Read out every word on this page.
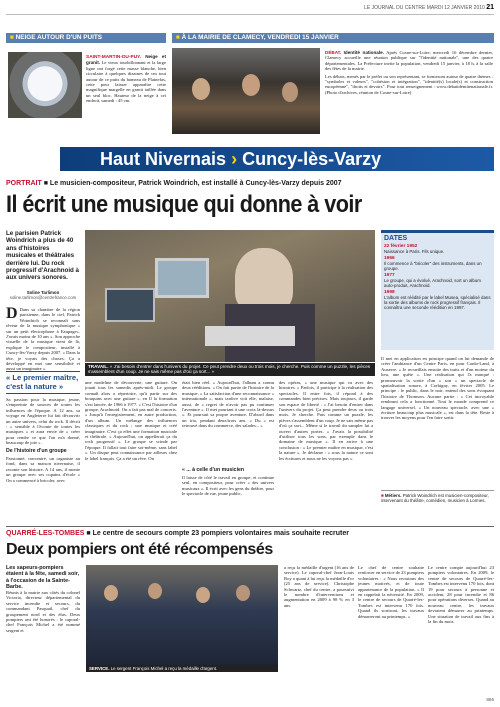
LE JOURNAL DU CENTRE MARDI 12 JANVIER 2010 21
■ NEIGE AUTOUR D'UN PUITS
SAINT-MARTIN-DU-PUY. Neige et granit. Le vieux tourbillonnant et la large ligne ont forgé cette masse blanche, bien circulaire à quelques dizaines de cm tout autour de ce puits du hameau de Plainefas, cette pour laisser apparaître cette magnifique margelle en granit taillée dans un seul bloc. Hauteur de la neige à cet endroit, samedi : 45 cm.
■ À LA MAIRIE DE CLAMECY, VENDREDI 15 JANVIER
DÉBAT. Identité nationale. Après Cosne-sur-Loire, mercredi 16 décembre dernier, Clamecy accueille une réunion publique sur "l'identité nationale", une des quatre départementales. La Préfecture invite la population, vendredi 15 janvier, à 18 h, à la salle des fêtes de la mairie.
Les débats, menés par le préfet ou son représentant, se formeront autour de quatre thèmes : "symboles et valeurs", "cohésion et intégration", "identité(s) locale(s) et construction européenne", "droits et devoirs". Pour tout renseignement : www.debatidentitenationale.fr. (Photo d'archives, réunion de Cosne-sur-Loire)
Haut Nivernais › Cuncy-lès-Varzy
PORTRAIT ■ Le musicien-compositeur, Patrick Woindrich, est installé à Cuncy-lès-Varzy depuis 2007
Il écrit une musique qui donne à voir
Le parisien Patrick Woindrich a plus de 40 ans d'histoires musicales et théâtrales derrière lui. Du rock progressif d'Arachnoid à aux univers sonores.
Soline Tarlimon
soline.tarlimon@centrefrance.com
D Dans sa chambre de la région parisienne, dans le ciel, Patrick Woindrich se reconnaît sans rêveur de la musique symphonique « sur un petit électrophone à Eaupage». J'avais moins de 10 ans ». Son approche visuelle de la musique vient de là, explique le compositeur, installé à Cuncy-lès-Varzy depuis 2007. « Dans la tête, je voyais des choses. Ça a développé en moi une sensibilité et aussi un imaginaire ».
« Le premier maître, c'est la nature »
Sa passion pour la musique, jeune, s'empreinte de sources de toutes les influences de l'époque. A 12 ans, sa voyage en Angleterre lui fait découvrir un autre univers, celui du rock. Il décrit : « sensible à l'écoute de toutes les musiques » et aura envie de « créer pour rendre ce que l'on m'a donné, beaucoup de joie ».
De l'histoire d'un groupe
Passionné, concentré, un organiste au fond, dans sa maison nivernaise, il raconte son histoire. A 14 ans, il monte un groupe avec ses copains d'école « On a commencé à bricoler, avec
TRAVAIL. « J'ai besoin d'entrer dans l'univers du projet. Ce peut prendre deux ou trois mois, je cherche. Puis comme un puzzle, les pièces s'assemblent d'un coup. Je ne sais même pas d'où ça sort... »
une modeline de découverte, une guitare. On jouait tous les samedis après-midi. Le groupe connaît alors a répertoire, qu'à partir sur des bouquins avec une guitare ». en Il la formation s'est lancée, de 1966 à 1977. « C'est l'histoire d'un groupe, Arachnoid. On a fait pas mal de concerts. » Jusqu'à l'enregistrement, en autre production, d'un album. Un mélange des influences classiques et du rock ; une musique et créé imaginaire. C'est ça effet une formation musicale et théâtrale. » Aujourd'hui, on appellerait ça du rock progressif ». Le groupe se scinde par l'époque. Il fallait tout faire soi-même, sans label ». Un disque peut connaissance par ailleurs chez le label français. Ça a été un rêve. On
était bien réel. » Aujourd'hui, l'album a connu deux rééditions. « On fait partie de l'histoire de la musique. » La satisfaction d'une reconnaissance « internationale », mais tardive voit elle, malaise, aussi, de « regret de n'avoir pas pu continuer l'aventure ». Il met pourtant à une croix là-dessus ». Et poursuit sa propre aventure. D'abord dans un trio, pendant deux/trois ans. « Du « est retrouvé dans du commerce, des salades... »
« ... à celle d'un musicien
Il laisse de côté le travail en groupe, et continue seul, en compositeur, pour créer « des univers musicaux ». Il écrit avec les gens du théâtre, pour le spectacle de rue, jeune public,
des opéras, « une musique qui va avec des histoires. » Parfois, il participe à la réalisation des spectacles. Il entre fois, il répond à des commandes bien précises. Mais toujours, il garde son espace de liberté : « J'ai besoin d'entrer dans l'univers du projet. Ça peut prendre deux ou trois mois. Je cherche. Puis comme un puzzle, les pièces s'assemblent d'un coup. Je ne sais même pas d'où ça sort... Même si le travail du sampler lui a ouvert d'autres portes. « J'avais la possibilité d'utiliser tous les sons, par exemple dans le domaine de musique ». Il en arrive à une conclusion : « Le premier maître en musique, c'est la nature ». Je déclame : « sous la nature ce sont les écritures et nous ne les voyons pas ».
DATES
22 février 1952
Naissance à Paris. Fils unique.
1966
Il commence à "bricoler" des instruments, dans un groupe.
1977
Le groupe, qui a évolué, Arachnoid, sort un album auto-produit, Arachnoid.
1998
L'album est réédité par le label Musea, spécialisé dans la sortie des albums de rock progressif français. Il connaîtra une seconde réédition en 1997.
Il met en application en principe quand on lui demande de créer l'ambiance d'un Centre Paris, en pour Cardo-Land, à Auxerre. « Je recueillais ensuite des traits et d'un moteur du lieu, une quête ». Une réalisation qui l'a marqué : promouvoir la sortie d'un « son » un spectacle de spatialisation sonore, à Corbigny, en février 2005. Le principe : le public, dans le noir, entend des sons évoquant l'histoire de Thomson. Aucune partie : « Cet incroyable rembruni cela a fonctionné. Tout le monde comprend ce langage universel. » Un nouveau spectacle, avec une « écriture beaucoup plus musicale », est dans la tête. Reste à trouver les moyens pour l'en faire sortir.
■ Métiers. Patrick Woindrich est musicien-compositeur, intervenant du théâtre, comédien, musicien à Lormes.
QUARRÉ-LES-TOMBES ■ Le centre de secours compte 23 pompiers volontaires mais souhaite recruter
Deux pompiers ont été récompensés
Les sapeurs-pompiers étaient à la fête, samedi soir, à l'occasion de la Sainte-Barbe.
Réunis à la mairie aux côtés du colonel Victoria, directeur départemental du service incendie et secours, du commandant Pasquail, chef du groupement nord et des élus. Deux pompiers ont été honorés : le caporal-chef François Michel a été nommé sergent et
SERVICE. Le sergent François Michel a reçu la médaille d'argent.
a reçu la médaille d'argent (16 ans de service). Le caporal-chef Jean-Louis Roy a quant à lui reçu la médaille d'or (25 ans de service). Christophe Schwartz, chef du centre, a poursuivi le nombre d'interventions et augmentation en 2009 à 98 % en 3 ans.
Le chef de centre souhaite renforcer en service de 23 pompiers volontaires : « Nous recrutons des jeunes motivés, et de toute appartenance de la population. » Il en rappelait la nécessité. En 2009, le centre de secours de Quarré-les-Tombes est intervenu 170 fois. Quand ils sortiront, les travaux démarreront au printemps. »
Le centre compte aujourd'hui 23 pompiers volontaires. En 2009, le centre de secours de Quarré-les-Tombes est intervenu 170 fois, dont 19 pour secours à personne et accident, 28 pour incendie et 86 pour opérations diverses. Quand au nouveau centre, les travaux devraient démarrer au printemps. Une situation de travail aux fins à la fin du mois.
866
